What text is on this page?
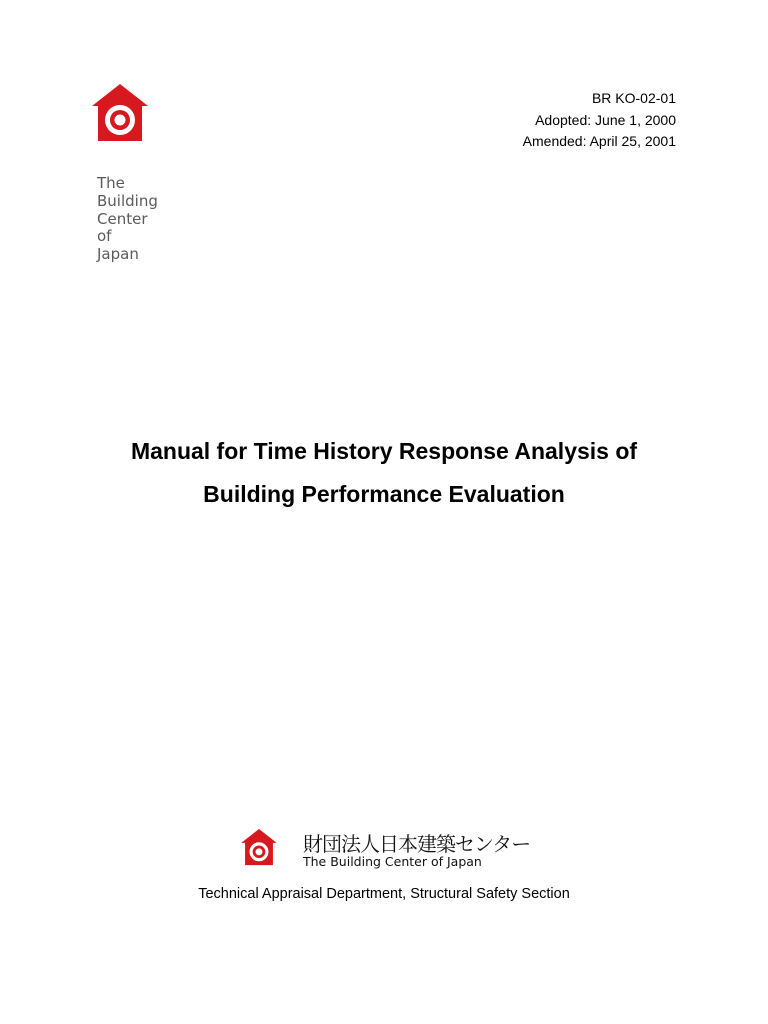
The
Building
Center
of
Japan
BR KO-02-01
Adopted: June 1, 2000
Amended: April 25, 2001
Manual for Time History Response Analysis of
Building Performance Evaluation
財団法人日本建築センター
The Building Center of Japan
Technical Appraisal Department, Structural Safety Section
